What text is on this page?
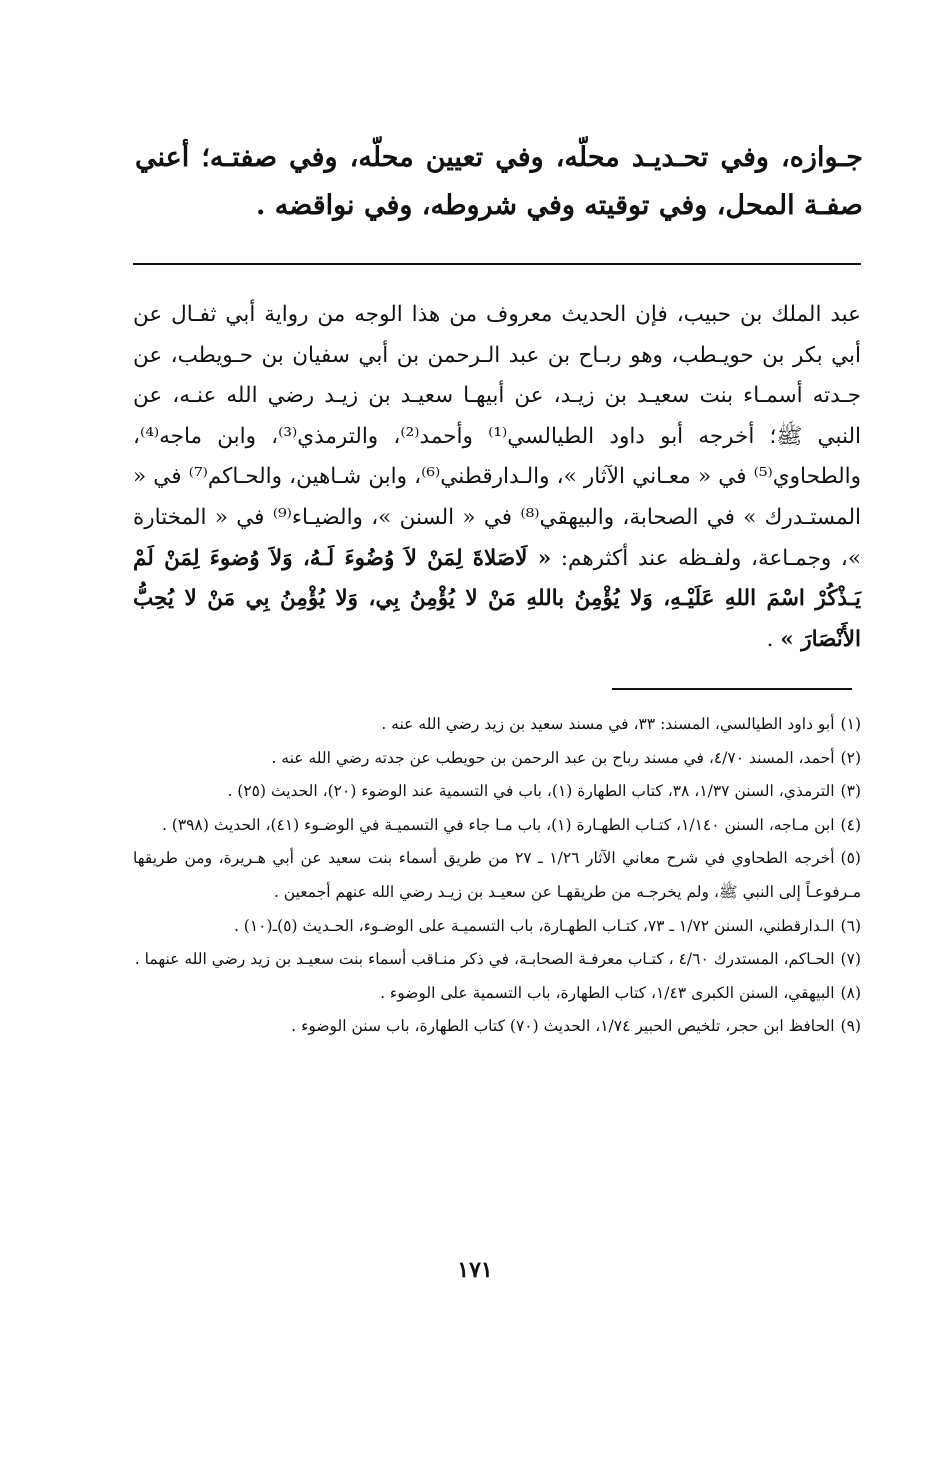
جـوازه، وفي تحـديـد محلّه، وفي تعيين محلّه، وفي صفتـه؛ أعني صفـة المحل، وفي توقيته وفي شروطه، وفي نواقضه .

عبد الملك بن حبيب، فإن الحديث معروف من هذا الوجه من رواية أبي ثفـال عن أبي بكر بن حويـطب، وهو ربـاح بن عبد الـرحمن بن أبي سفيان بن حـويطب، عن جـدته أسمـاء بنت سعيـد بن زيـد، عن أبيهـا سعيـد بن زيـد رضي الله عنـه، عن النبي ﷺ؛ أخرجه أبو داود الطيالسي⁽¹⁾ وأحمد⁽²⁾، والترمذي⁽³⁾، وابن ماجه⁽⁴⁾، والطحاوي⁽⁵⁾ في « معـاني الآثار »، والـدارقطني⁽⁶⁾، وابن شـاهين، والحـاكم⁽⁷⁾ في « المستـدرك » في الصحابة، والبيهقي⁽⁸⁾ في « السنن »، والضيـاء⁽⁹⁾ في « المختارة »، وجمـاعة، ولفـظه عند أكثرهم: « لَاصَلاةَ لِمَنْ لاَ وُضُوءَ لَـهُ، وَلاَ وُضوءَ لِمَنْ لَمْ يَـذْكُرْ اسْمَ اللهِ عَلَيْـهِ، وَلا يُؤْمِنُ باللهِ مَنْ لا يُؤْمِنُ بِي، وَلا يُؤْمِنُ بِي مَنْ لا يُحِبُّ الأَنْصَارَ » .

(١)أبو داود الطيالسي، المسند: ٣٣، في مسند سعيد بن زيد رضي الله عنه .

(٢)أحمد، المسند ٤/٧٠، في مسند رباح بن عبد الرحمن بن حويطب عن جدته رضي الله عنه .

(٣)الترمذي، السنن ١/٣٧، ٣٨، كتاب الطهارة (١)، باب في التسمية عند الوضوء (٢٠)، الحديث (٢٥) .

(٤)ابن مـاجه، السنن ١/١٤٠، كتـاب الطهـارة (١)، باب مـا جاء في التسميـة في الوضـوء (٤١)، الحديث (٣٩٨) .

(٥)أخرجه الطحاوي في شرح معاني الآثار ١/٢٦ ـ ٢٧ من طريق أسماء بنت سعيد عن أبي هـريرة، ومن طريقها مـرفوعـاً إلى النبي ﷺ، ولم يخرجـه من طريقهـا عن سعيـد بن زيـد رضي الله عنهم أجمعين .

(٦)الـدارقطني، السنن ١/٧٢ ـ ٧٣، كتـاب الطهـارة، باب التسميـة على الوضـوء، الحـديث (٥)ـ(١٠) .

(٧)الحـاكم، المستدرك ٤/٦٠ ، كتـاب معرفـة الصحابـة، في ذكر منـاقب أسماء بنت سعيـد بن زيد رضي الله عنهما .

(٨)البيهقي، السنن الكبرى ١/٤٣، كتاب الطهارة، باب التسمية على الوضوء .

(٩)الحافظ ابن حجر، تلخيص الحبير ١/٧٤، الحديث (٧٠) كتاب الطهارة، باب سنن الوضوء .

١٧١
